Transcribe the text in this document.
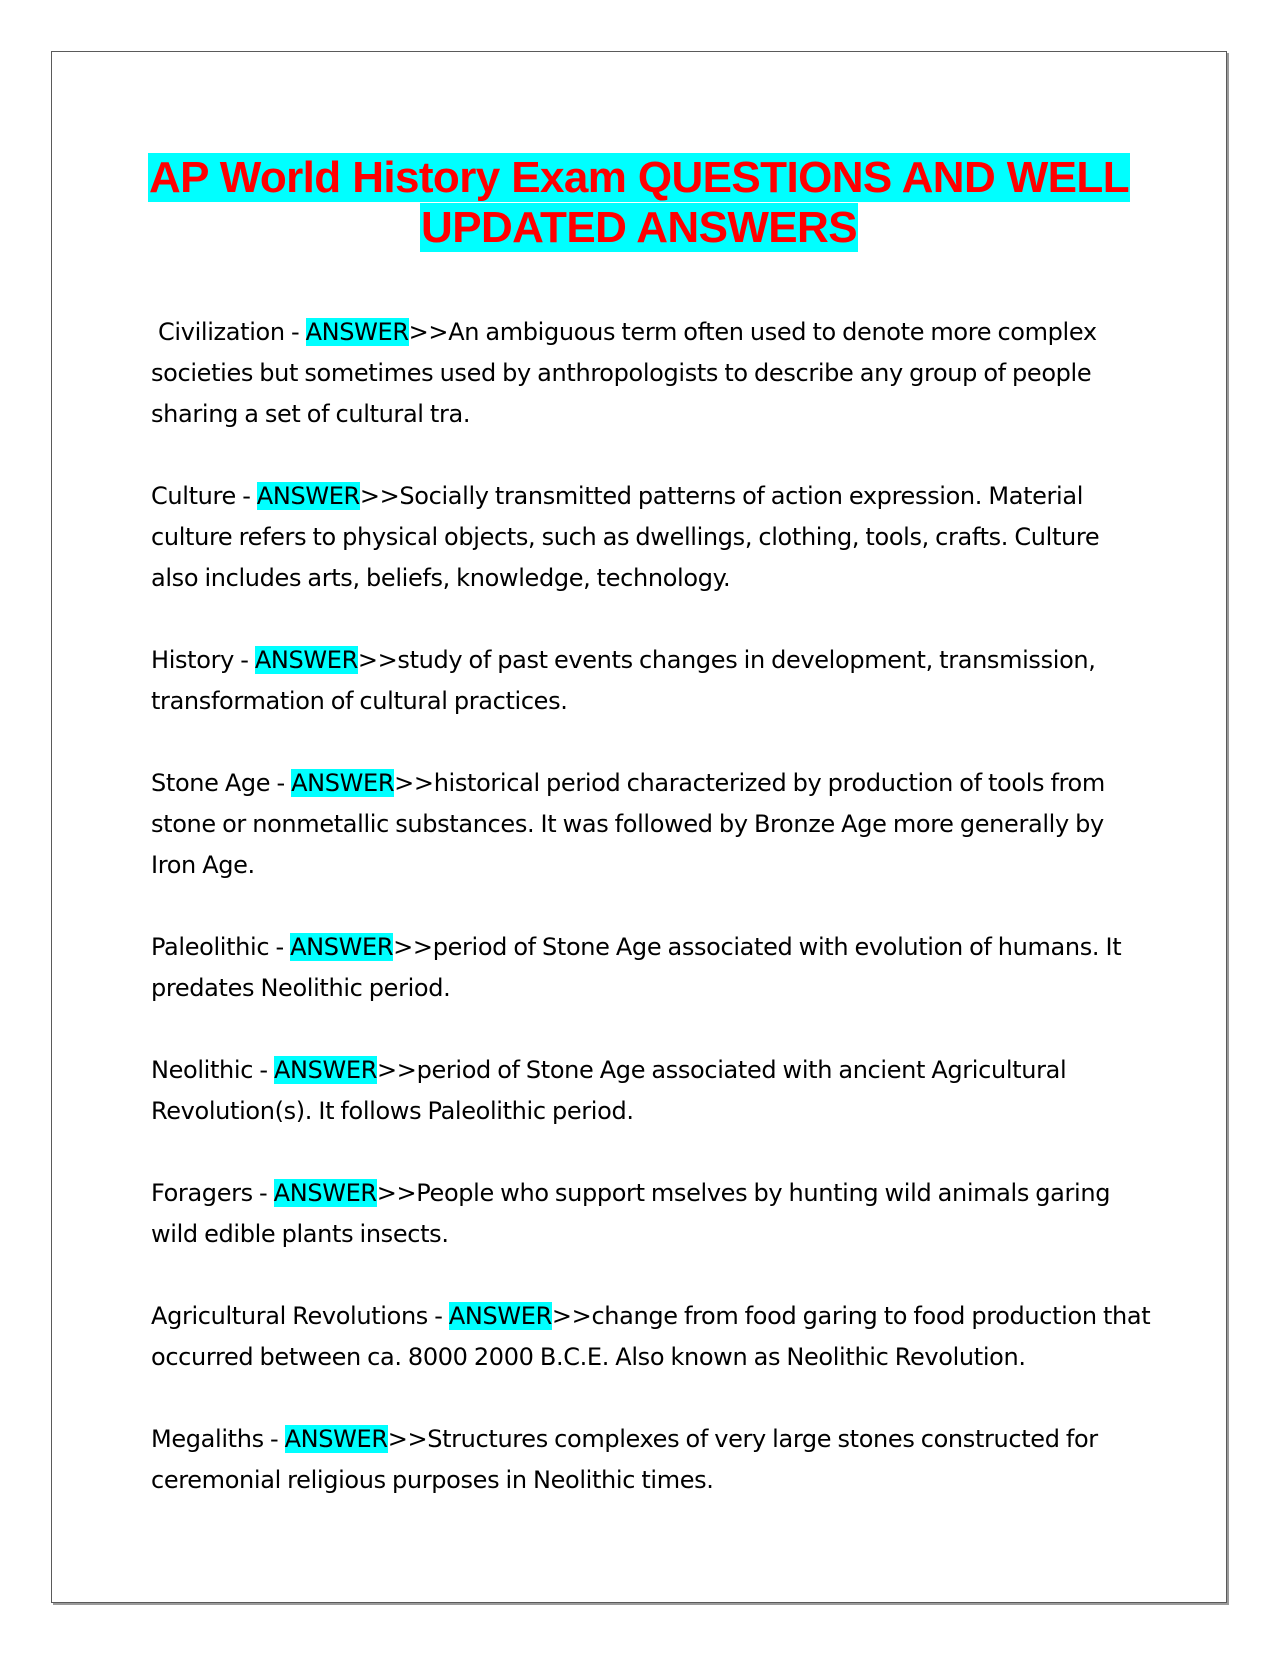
AP World History Exam QUESTIONS AND WELL
UPDATED ANSWERS

Civilization - ANSWER>>An ambiguous term often used to denote more complex societies but sometimes used by anthropologists to describe any group of people sharing a set of cultural tra.

Culture - ANSWER>>Socially transmitted patterns of action expression. Material culture refers to physical objects, such as dwellings, clothing, tools, crafts. Culture also includes arts, beliefs, knowledge, technology.

History - ANSWER>>study of past events changes in development, transmission, transformation of cultural practices.

Stone Age - ANSWER>>historical period characterized by production of tools from stone or nonmetallic substances. It was followed by Bronze Age more generally by Iron Age.

Paleolithic - ANSWER>>period of Stone Age associated with evolution of humans. It predates Neolithic period.

Neolithic - ANSWER>>period of Stone Age associated with ancient Agricultural Revolution(s). It follows Paleolithic period.

Foragers - ANSWER>>People who support mselves by hunting wild animals garing wild edible plants insects.

Agricultural Revolutions - ANSWER>>change from food garing to food production that occurred between ca. 8000 2000 B.C.E. Also known as Neolithic Revolution.

Megaliths - ANSWER>>Structures complexes of very large stones constructed for ceremonial religious purposes in Neolithic times.
